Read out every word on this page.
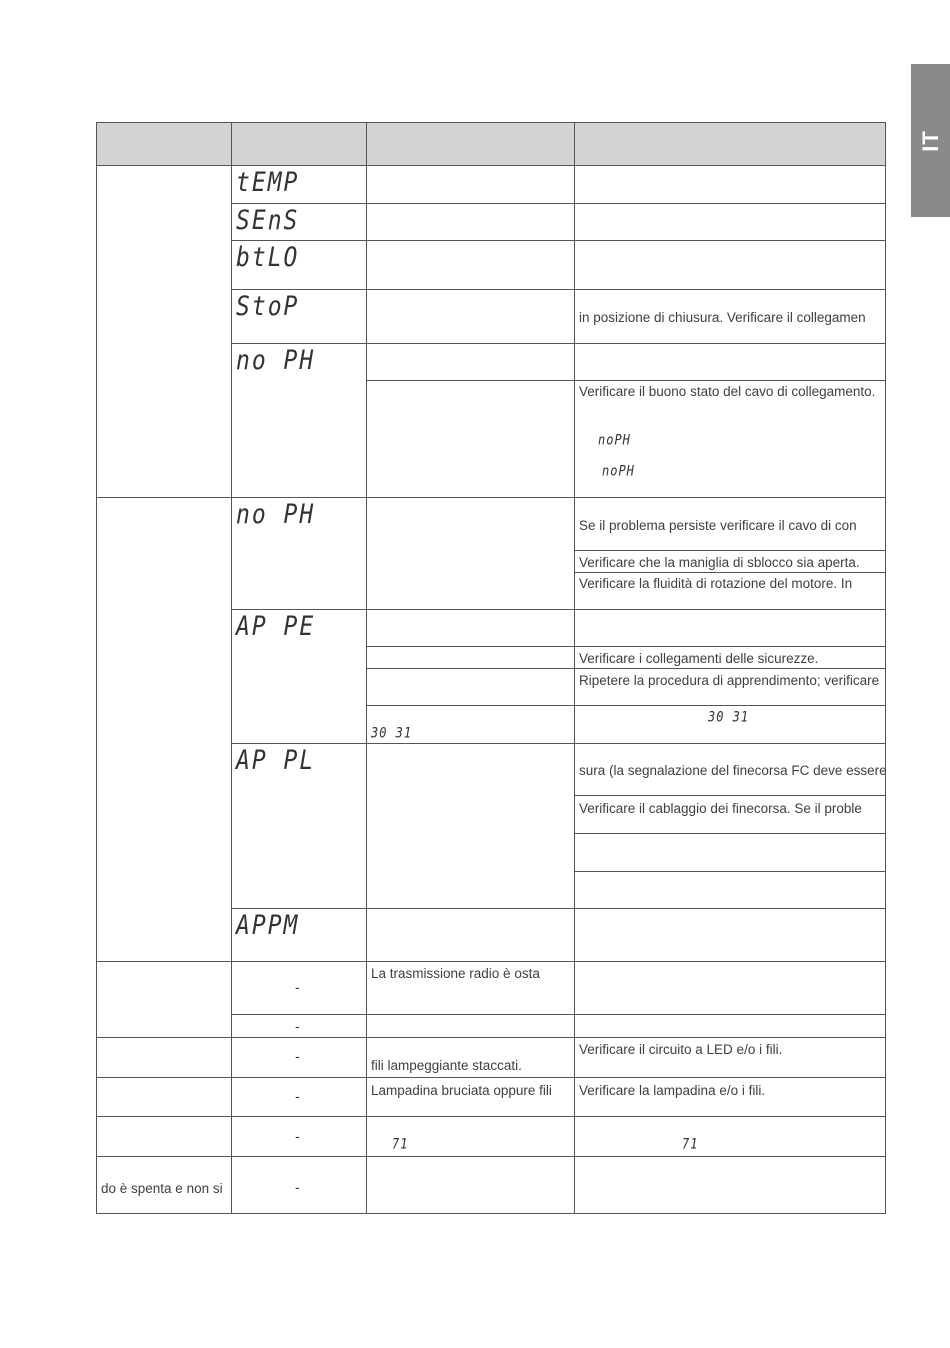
IT
tEMP
SEnS
btLO
StoP
no PH
noPH
noPH
no PH
AP PE
AP PL
APPM
30 31
30 31
71	71
in posizione di chiusura. Verificare il collegamen
Verificare il buono stato del cavo di collegamento.
Se il problema persiste verificare il cavo di con
Verificare che la maniglia di sblocco sia aperta.
Verificare la fluidità di rotazione del motore. In
Verificare i collegamenti delle sicurezze.
Ripetere la procedura di apprendimento; verificare
sura (la segnalazione del finecorsa FC deve essere
Verificare il cablaggio dei finecorsa. Se il proble
La trasmissione radio è osta
fili lampeggiante staccati.
Verificare il circuito a LED e/o i fili.
Lampadina bruciata oppure fili Verificare la lampadina e/o i fili.
do è spenta e non si
-
-
-
-
-
-
